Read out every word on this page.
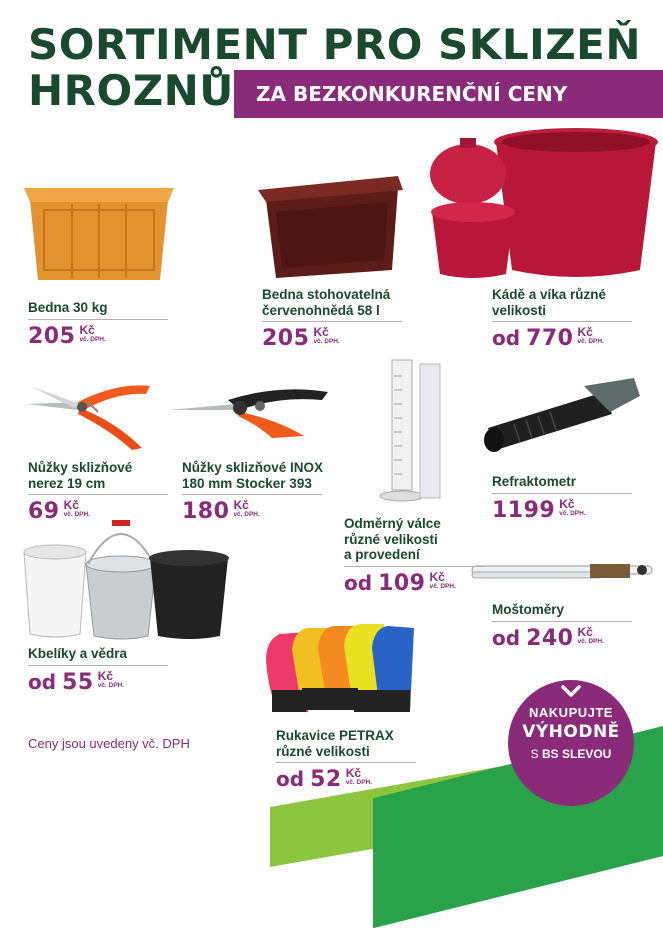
SORTIMENT PRO SKLIZEŇ
HROZNŮ	ZA BEZKONKURENČNÍ CENY
Bedna 30 kg
205 Kč
vč. DPH.
Bedna stohovatelná
červenohnědá 58 l
205 Kč
vč. DPH.
Kádě a víka různé
velikosti
od 770 Kč
vč. DPH.
Nůžky sklizňové
nerez 19 cm
69 Kč
vč. DPH.
Nůžky sklizňové INOX
180 mm Stocker 393
180 Kč
vč. DPH.
Odměrný válce
různé velikosti
a provedení
od 109 Kč
vč. DPH.
Refraktometr
1199 Kč
vč. DPH.
Kbelíky a vědra
od 55 Kč
vč. DPH.
Rukavice PETRAX
různé velikosti
od 52 Kč
vč. DPH.
Moštoměry
od 240 Kč
vč. DPH.
Ceny jsou uvedeny vč. DPH
NAKUPUJTE
VÝHODNĚ
S BS SLEVOU
